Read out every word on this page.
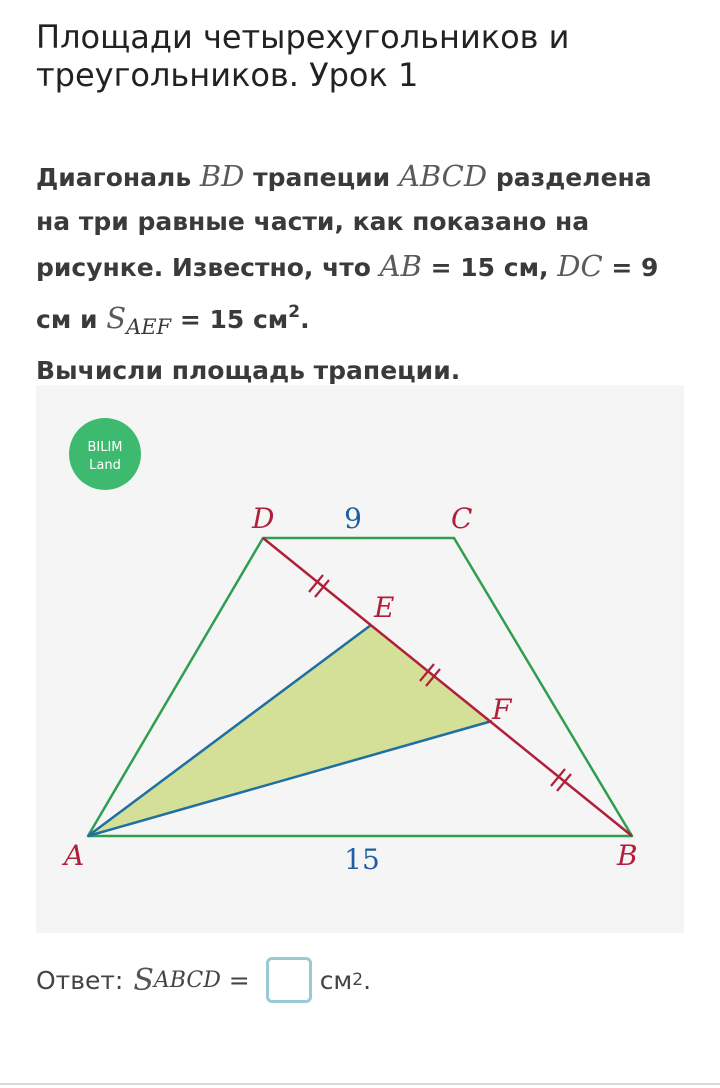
Площади четырехугольников и треугольников. Урок 1
Диагональ BD трапеции ABCD разделена на три равные части, как показано на рисунке. Известно, что AB = 15 см, DC = 9 см и $S_{AEF} = 15$ $см^2$.
Вычисли площадь трапеции.
BILIM
Land
A	B
C
D
E
F
9
15
Ответ: S ABCD = см 2 .
